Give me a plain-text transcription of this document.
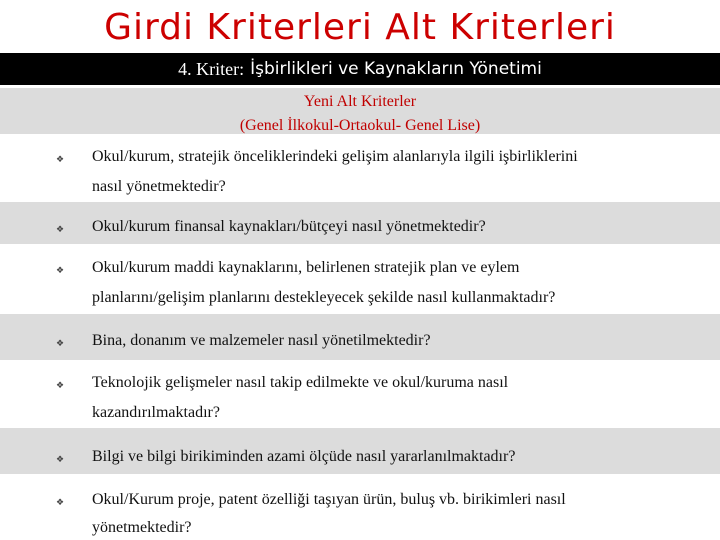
Girdi Kriterleri Alt Kriterleri
4. Kriter: İşbirlikleri ve Kaynakların Yönetimi
Yeni Alt Kriterler
(Genel İlkokul-Ortaokul- Genel Lise)
❖ Okul/kurum, stratejik önceliklerindeki gelişim alanlarıyla ilgili işbirliklerini
nasıl yönetmektedir?
❖ Okul/kurum finansal kaynakları/bütçeyi nasıl yönetmektedir?
❖ Okul/kurum maddi kaynaklarını, belirlenen stratejik plan ve eylem
planlarını/gelişim planlarını destekleyecek şekilde nasıl kullanmaktadır?
❖ Bina, donanım ve malzemeler nasıl yönetilmektedir?
❖ Teknolojik gelişmeler nasıl takip edilmekte ve okul/kuruma nasıl
kazandırılmaktadır?
❖ Bilgi ve bilgi birikiminden azami ölçüde nasıl yararlanılmaktadır?
❖ Okul/Kurum proje, patent özelliği taşıyan ürün, buluş vb. birikimleri nasıl
yönetmektedir?
